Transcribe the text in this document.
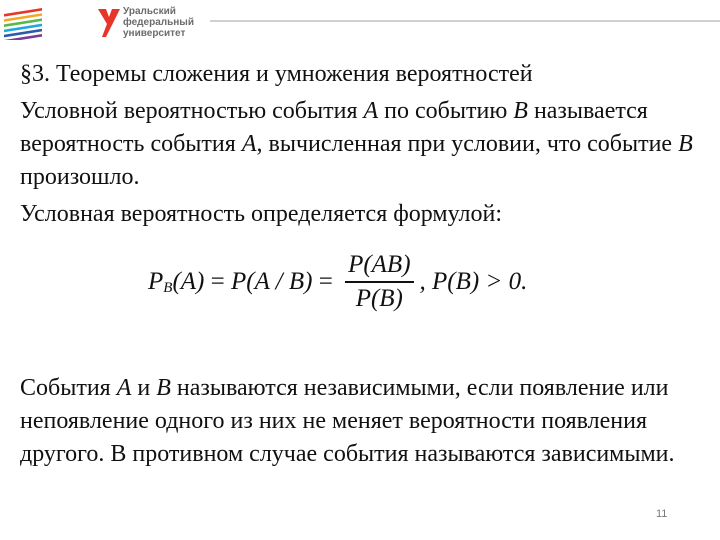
Уральский
федеральный
университет

§3. Теоремы сложения и умножения вероятностей

Условной вероятностью события A по событию B называется вероятность события A, вычисленная при условии, что событие B произошло.

Условная вероятность определяется формулой:

P B $(A) = P(A / B) = \frac{P(AB)}{P(B)}$ , P(B) > 0.
События A и B называются независимыми, если появление или непоявление одного из них не меняет вероятности появления другого. В противном случае события называются зависимыми.
11
